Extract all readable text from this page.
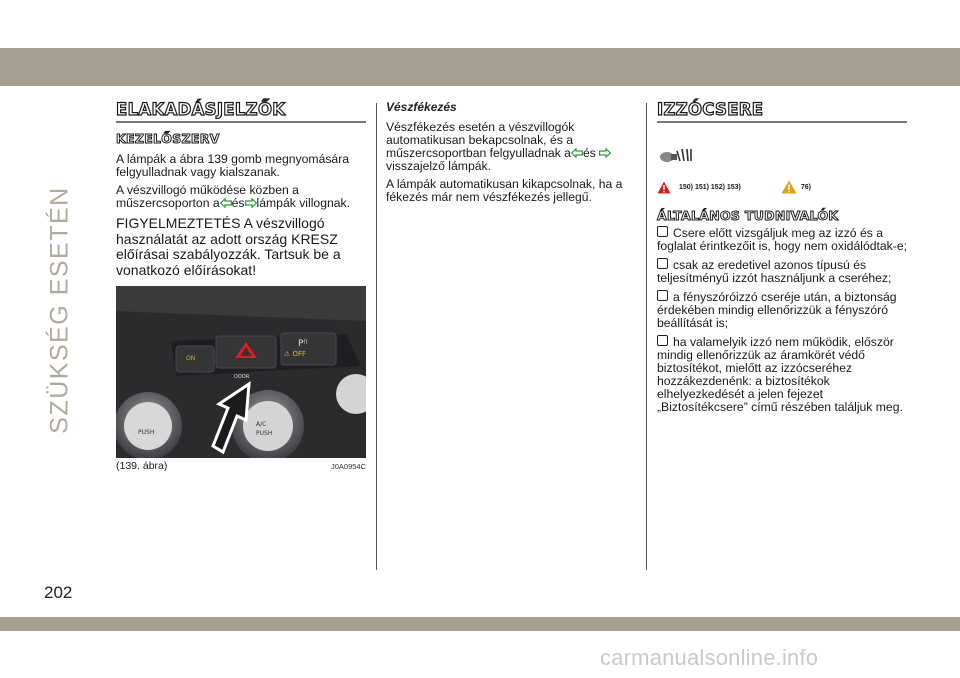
SZÜKSÉG ESETÉN
202
ELAKADÁSJELZŐK
KEZELŐSZERV

A lámpák a ábra 139 gomb megnyomására felgyulladnak vagy kialszanak.

A vészvillogó működése közben a műszercsoporton a és lámpák villognak.

FIGYELMEZTETÉS A vészvillogó használatát az adott ország KRESZ előírásai szabályozzák. Tartsuk be a vonatkozó előírásokat!

P⁽⁽
ON
DOOR
⚠ OFF
PUSH
A/C
PUSH
(139. ábra)	J0A0954C
Vészfékezés

Vészfékezés esetén a vészvillogók automatikusan bekapcsolnak, és a műszercsoportban felgyulladnak a és visszajelző lámpák.

A lámpák automatikusan kikapcsolnak, ha a fékezés már nem vészfékezés jellegű.

IZZÓCSERE
150) 151) 152) 153)	76)
ÁLTALÁNOS TUDNIVALÓK

Csere előtt vizsgáljuk meg az izzó és a foglalat érintkezőit is, hogy nem oxidálódtak-e;

csak az eredetivel azonos típusú és teljesítményű izzót használjunk a cseréhez;

a fényszóróizzó cseréje után, a biztonság érdekében mindig ellenőrizzük a fényszóró beállítását is;

ha valamelyik izzó nem működik, először mindig ellenőrizzük az áramkörét védő biztosítékot, mielőtt az izzócseréhez hozzákezdenénk: a biztosítékok elhelyezkedését a jelen fejezet „Biztosítékcsere” című részében találjuk meg.

carmanualsonline.info
